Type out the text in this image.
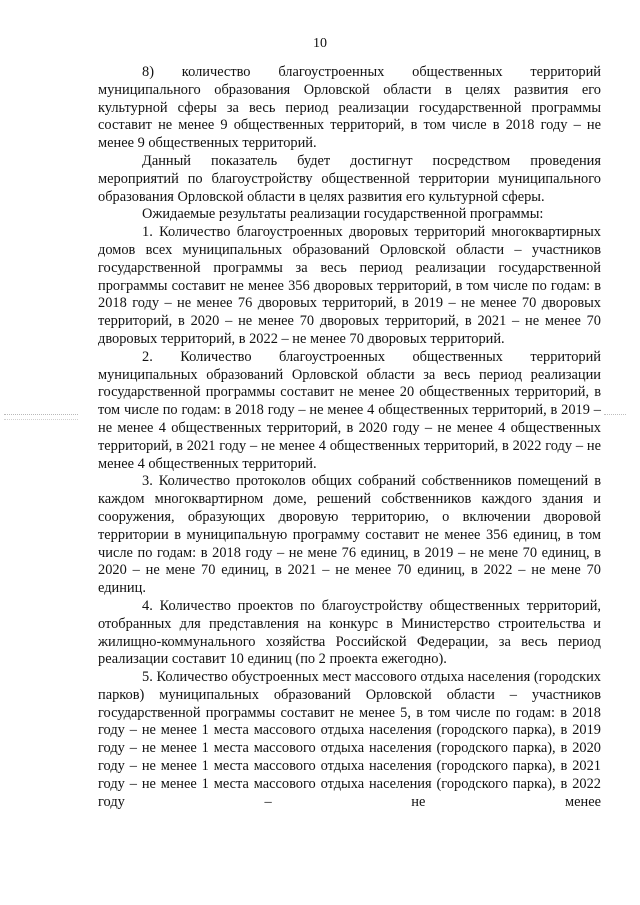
10

8) количество благоустроенных общественных территорий муниципального образования Орловской области в целях развития его культурной сферы за весь период реализации государственной программы составит не менее 9 общественных территорий, в том числе в 2018 году – не менее 9 общественных территорий.

Данный показатель будет достигнут посредством проведения мероприятий по благоустройству общественной территории муниципального образования Орловской области в целях развития его культурной сферы.

Ожидаемые результаты реализации государственной программы:

1. Количество благоустроенных дворовых территорий многоквартирных домов всех муниципальных образований Орловской области – участников государственной программы за весь период реализации государственной программы составит не менее 356 дворовых территорий, в том числе по годам: в 2018 году – не менее 76 дворовых территорий, в 2019 – не менее 70 дворовых территорий, в 2020 – не менее 70 дворовых территорий, в 2021 – не менее 70 дворовых территорий, в 2022 – не менее 70 дворовых территорий.

2. Количество благоустроенных общественных территорий муниципальных образований Орловской области за весь период реализации государственной программы составит не менее 20 общественных территорий, в том числе по годам: в 2018 году – не менее 4 общественных территорий, в 2019 – не менее 4 общественных территорий, в 2020 году – не менее 4 общественных территорий, в 2021 году – не менее 4 общественных территорий, в 2022 году – не менее 4 общественных территорий.

3. Количество протоколов общих собраний собственников помещений в каждом многоквартирном доме, решений собственников каждого здания и сооружения, образующих дворовую территорию, о включении дворовой территории в муниципальную программу составит не менее 356 единиц, в том числе по годам: в 2018 году – не мене 76 единиц, в 2019 – не мене 70 единиц, в 2020 – не мене 70 единиц, в 2021 – не менее 70 единиц, в 2022 – не мене 70 единиц.

4. Количество проектов по благоустройству общественных территорий, отобранных для представления на конкурс в Министерство строительства и жилищно-коммунального хозяйства Российской Федерации, за весь период реализации составит 10 единиц (по 2 проекта ежегодно).

5. Количество обустроенных мест массового отдыха населения (городских парков) муниципальных образований Орловской области – участников государственной программы составит не менее 5, в том числе по годам: в 2018 году – не менее 1 места массового отдыха населения (городского парка), в 2019 году – не менее 1 места массового отдыха населения (городского парка), в 2020 году – не менее 1 места массового отдыха населения (городского парка), в 2021 году – не менее 1 места массового отдыха населения (городского парка), в 2022 году – не менее
